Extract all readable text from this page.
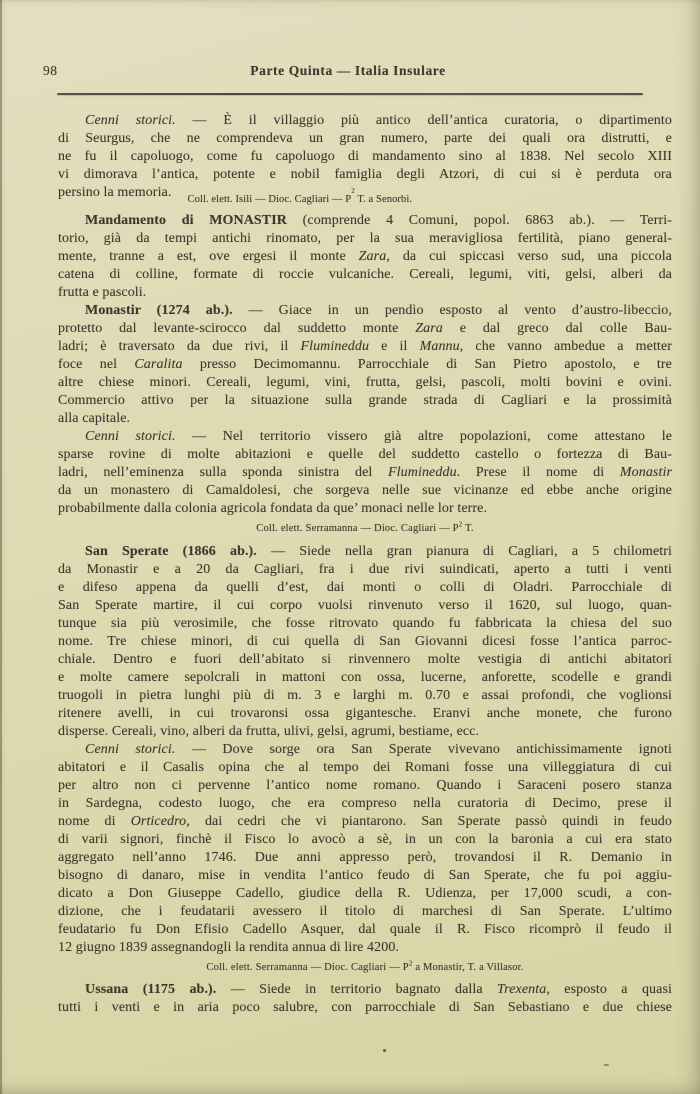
98	Parte Quinta — Italia Insulare
Cenni storici. — È il villaggio più antico dell’antica curatoria, o dipartimento
di Seurgus, che ne comprendeva un gran numero, parte dei quali ora distrutti, e
ne fu il capoluogo, come fu capoluogo di mandamento sino al 1838. Nel secolo XIII
vi dimorava l’antica, potente e nobil famiglia degli Atzori, di cui si è perduta ora
persino la memoria. $_{Coll. elett. Isili — Dioc. Cagliari — P}^2$ $_{T. a Senorbì.}$
Mandamento di MONASTIR (comprende 4 Comuni, popol. 6863 ab.). — Terri-
torio, già da tempi antichi rinomato, per la sua meravigliosa fertilità, piano general-
mente, tranne a est, ove ergesi il monte Zara, da cui spiccasi verso sud, una piccola
catena di colline, formate di roccie vulcaniche. Cereali, legumi, viti, gelsi, alberi da
frutta e pascoli.
Monastir (1274 ab.). — Giace in un pendìo esposto al vento d’austro-libeccio,
protetto dal levante-scirocco dal suddetto monte Zara e dal greco dal colle Bau-
ladri; è traversato da due rivi, il Flumineddu e il Mannu, che vanno ambedue a metter
foce nel Caralita presso Decimomannu. Parrocchiale di San Pietro apostolo, e tre
altre chiese minori. Cereali, legumi, vini, frutta, gelsi, pascoli, molti bovini e ovini.
Commercio attivo per la situazione sulla grande strada di Cagliari e la prossimità
alla capitale.
Cenni storici. — Nel territorio vissero già altre popolazioni, come attestano le
sparse rovine di molte abitazioni e quelle del suddetto castello o fortezza di Bau-
ladri, nell’eminenza sulla sponda sinistra del Flumineddu. Prese il nome di Monastir
da un monastero di Camaldolesi, che sorgeva nelle sue vicinanze ed ebbe anche origine
probabilmente dalla colonia agricola fondata da que’ monaci nelle lor terre.
Coll. elett. Serramanna — Dioc. Cagliari — $P^2$ T.
San Sperate (1866 ab.). — Siede nella gran pianura di Cagliari, a 5 chilometri
da Monastir e a 20 da Cagliari, fra i due rivi suindicati, aperto a tutti i venti
e difeso appena da quelli d’est, dai monti o colli di Oladri. Parrocchiale di
San Sperate martire, il cui corpo vuolsi rinvenuto verso il 1620, sul luogo, quan-
tunque sia più verosimile, che fosse ritrovato quando fu fabbricata la chiesa del suo
nome. Tre chiese minori, di cui quella di San Giovanni dicesi fosse l’antica parroc-
chiale. Dentro e fuori dell’abitato si rinvennero molte vestigia di antichi abitatori
e molte camere sepolcrali in mattoni con ossa, lucerne, anforette, scodelle e grandi
truogoli in pietra lunghi più di m. 3 e larghi m. 0.70 e assai profondi, che voglionsi
ritenere avelli, in cui trovaronsi ossa gigantesche. Eranvi anche monete, che furono
disperse. Cereali, vino, alberi da frutta, ulivi, gelsi, agrumi, bestiame, ecc.
Cenni storici. — Dove sorge ora San Sperate vivevano antichissimamente ignoti
abitatori e il Casalis opina che al tempo dei Romani fosse una villeggiatura di cui
per altro non ci pervenne l’antico nome romano. Quando i Saraceni posero stanza
in Sardegna, codesto luogo, che era compreso nella curatoria di Decimo, prese il
nome di Orticedro, dai cedri che vi piantarono. San Sperate passò quindi in feudo
di varii signori, finchè il Fisco lo avocò a sè, in un con la baronia a cui era stato
aggregato nell’anno 1746. Due anni appresso però, trovandosi il R. Demanio in
bisogno di danaro, mise in vendita l’antico feudo di San Sperate, che fu poi aggiu-
dicato a Don Giuseppe Cadello, giudice della R. Udienza, per 17,000 scudi, a con-
dizione, che i feudatarii avessero il titolo di marchesi di San Sperate. L’ultimo
feudatario fu Don Efisio Cadello Asquer, dal quale il R. Fisco ricomprò il feudo il
12 giugno 1839 assegnandogli la rendita annua di lire 4200.
Coll. elett. Serramanna — Dioc. Cagliari — $P^2$ a Monastir, T. a Villasor.
Ussana (1175 ab.). — Siede in territorio bagnato dalla Trexenta, esposto a quasi
tutti i venti e in aria poco salubre, con parrocchiale di San Sebastiano e due chiese
